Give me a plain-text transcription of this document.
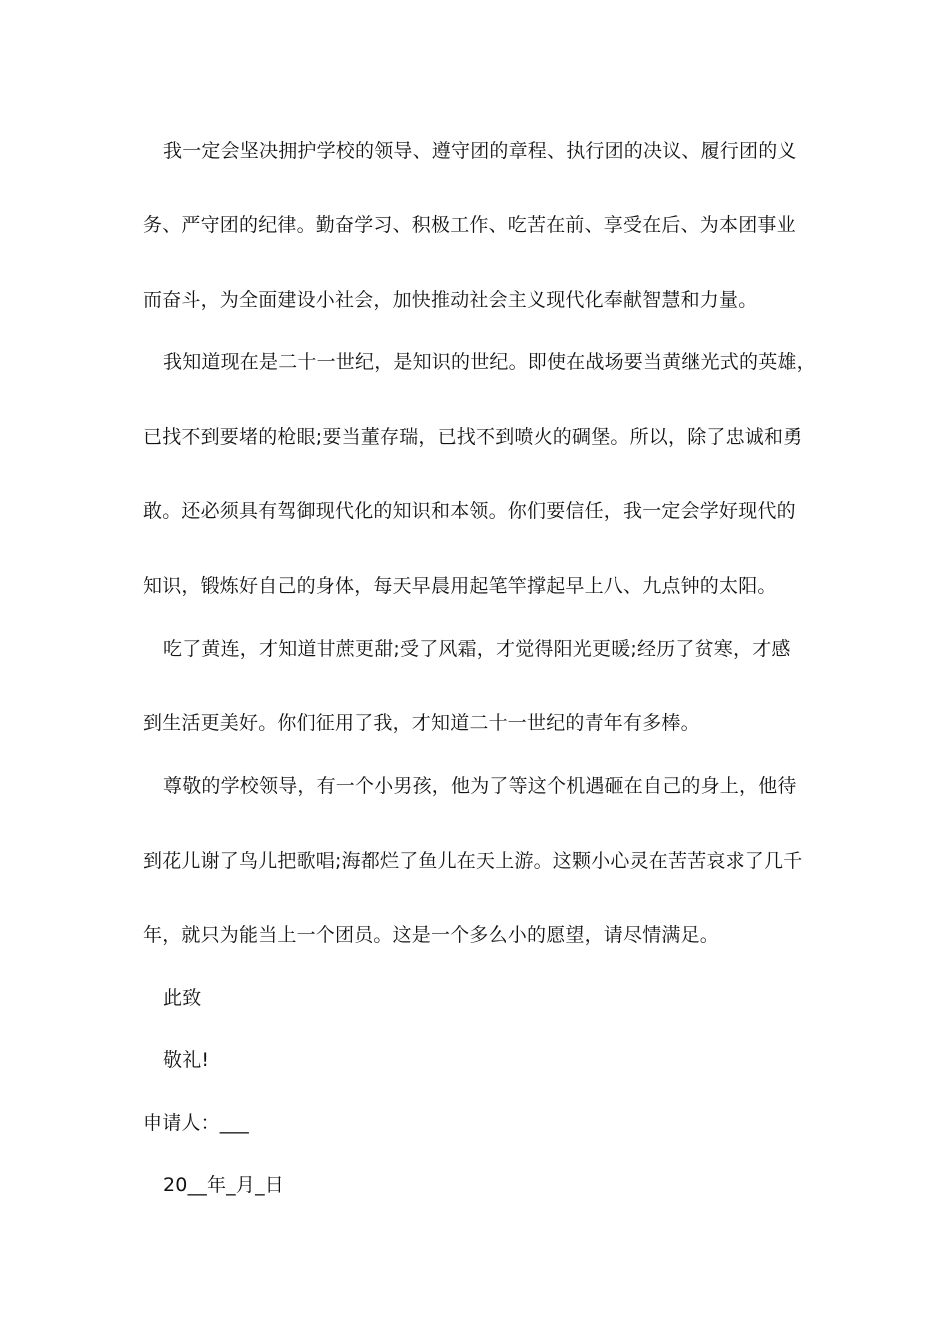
我一定会坚决拥护学校的领导、遵守团的章程、执行团的决议、履行团的义
务、严守团的纪律。勤奋学习、积极工作、吃苦在前、享受在后、为本团事业
而奋斗，为全面建设小社会，加快推动社会主义现代化奉献智慧和力量。
我知道现在是二十一世纪，是知识的世纪。即使在战场要当黄继光式的英雄，
已找不到要堵的枪眼;要当董存瑞，已找不到喷火的碉堡。所以，除了忠诚和勇
敢。还必须具有驾御现代化的知识和本领。你们要信任，我一定会学好现代的
知识，锻炼好自己的身体，每天早晨用起笔竿撑起早上八、九点钟的太阳。
吃了黄连，才知道甘蔗更甜;受了风霜，才觉得阳光更暖;经历了贫寒，才感
到生活更美好。你们征用了我，才知道二十一世纪的青年有多棒。
尊敬的学校领导，有一个小男孩，他为了等这个机遇砸在自己的身上，他待
到花儿谢了鸟儿把歌唱;海都烂了鱼儿在天上游。这颗小心灵在苦苦哀求了几千
年，就只为能当上一个团员。这是一个多么小的愿望，请尽情满足。
此致
敬礼!
申请人：___
20__年_月_日
